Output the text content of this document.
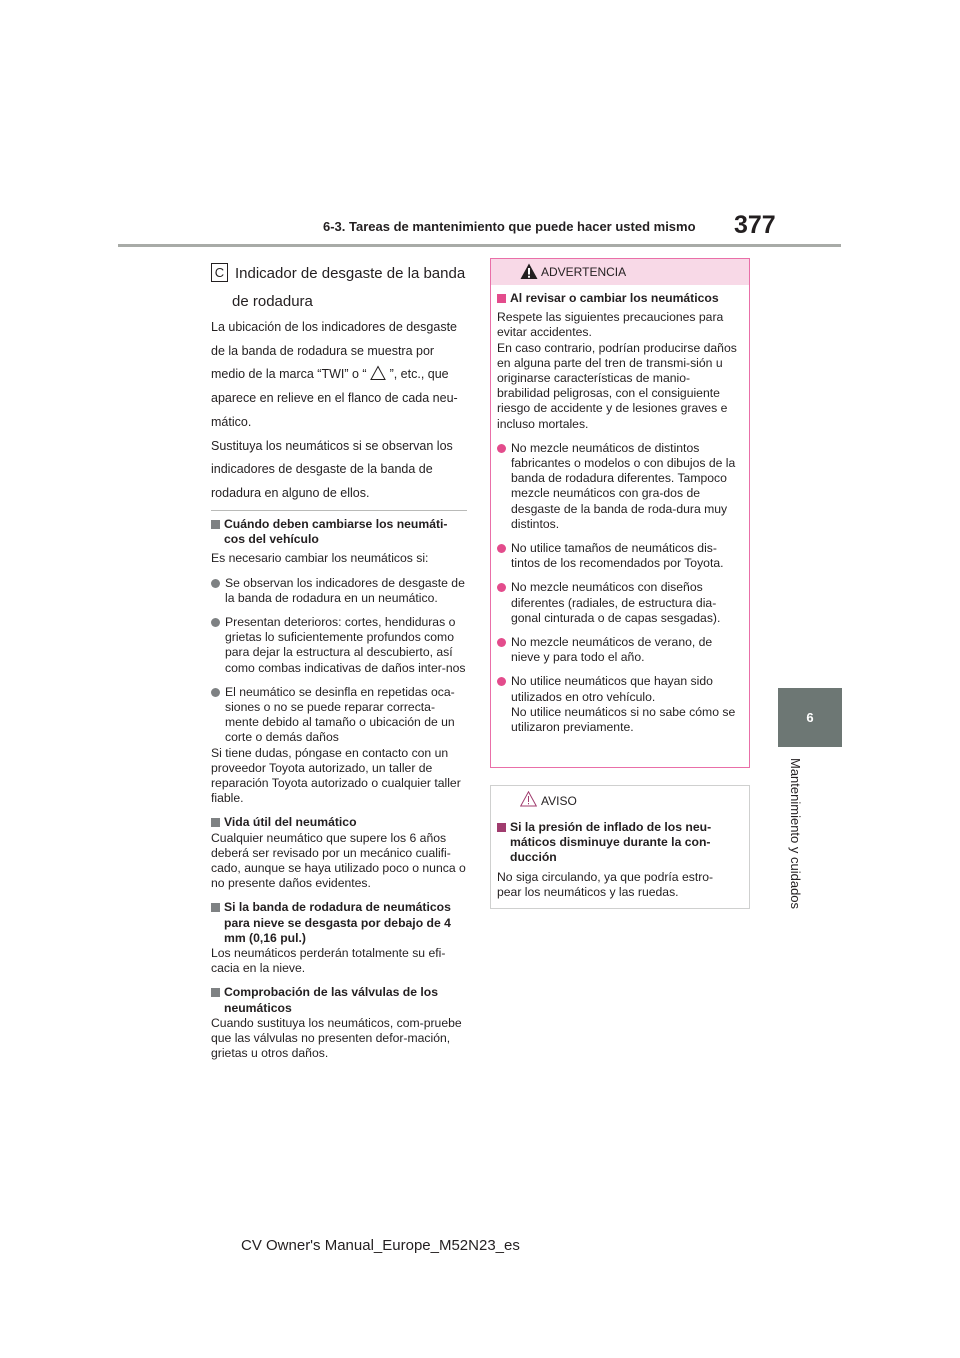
6-3. Tareas de mantenimiento que puede hacer usted mismo 377
6
Mantenimiento y cuidados
C Indicador de desgaste de la banda
de rodadura

La ubicación de los indicadores de desgaste

de la banda de rodadura se muestra por

medio de la marca “TWI” o “ ”, etc., que

aparece en relieve en el flanco de cada neu-

mático.

Sustituya los neumáticos si se observan los

indicadores de desgaste de la banda de

rodadura en alguno de ellos.

Cuándo deben cambiarse los neumáti-cos del vehículo

Es necesario cambiar los neumáticos si:

Se observan los indicadores de desgaste de la banda de rodadura en un neumático.

Presentan deterioros: cortes, hendiduras o grietas lo suficientemente profundos como para dejar la estructura al descubierto, así como combas indicativas de daños inter-nos

El neumático se desinfla en repetidas oca-siones o no se puede reparar correcta-mente debido al tamaño o ubicación de un corte o demás daños

Si tiene dudas, póngase en contacto con un proveedor Toyota autorizado, un taller de reparación Toyota autorizado o cualquier taller fiable.

Vida útil del neumático

Cualquier neumático que supere los 6 años deberá ser revisado por un mecánico cualifi-cado, aunque se haya utilizado poco o nunca o no presente daños evidentes.

Si la banda de rodadura de neumáticos para nieve se desgasta por debajo de 4 mm (0,16 pul.)

Los neumáticos perderán totalmente su efi-cacia en la nieve.

Comprobación de las válvulas de los neumáticos

Cuando sustituya los neumáticos, com-pruebe que las válvulas no presenten defor-mación, grietas u otros daños.

ADVERTENCIA

Al revisar o cambiar los neumáticos

Respete las siguientes precauciones para evitar accidentes.

En caso contrario, podrían producirse daños en alguna parte del tren de transmi-sión u originarse características de manio-brabilidad peligrosas, con el consiguiente riesgo de accidente y de lesiones graves e incluso mortales.

No mezcle neumáticos de distintos fabricantes o modelos o con dibujos de la banda de rodadura diferentes. Tampoco mezcle neumáticos con gra-dos de desgaste de la banda de roda-dura muy distintos.

No utilice tamaños de neumáticos dis-tintos de los recomendados por Toyota.

No mezcle neumáticos con diseños diferentes (radiales, de estructura dia-gonal cinturada o de capas sesgadas).

No mezcle neumáticos de verano, de nieve y para todo el año.

No utilice neumáticos que hayan sido utilizados en otro vehículo.

No utilice neumáticos si no sabe cómo se utilizaron previamente.

AVISO

Si la presión de inflado de los neu-máticos disminuye durante la con-ducción

No siga circulando, ya que podría estro-pear los neumáticos y las ruedas.

CV Owner's Manual_Europe_M52N23_es
